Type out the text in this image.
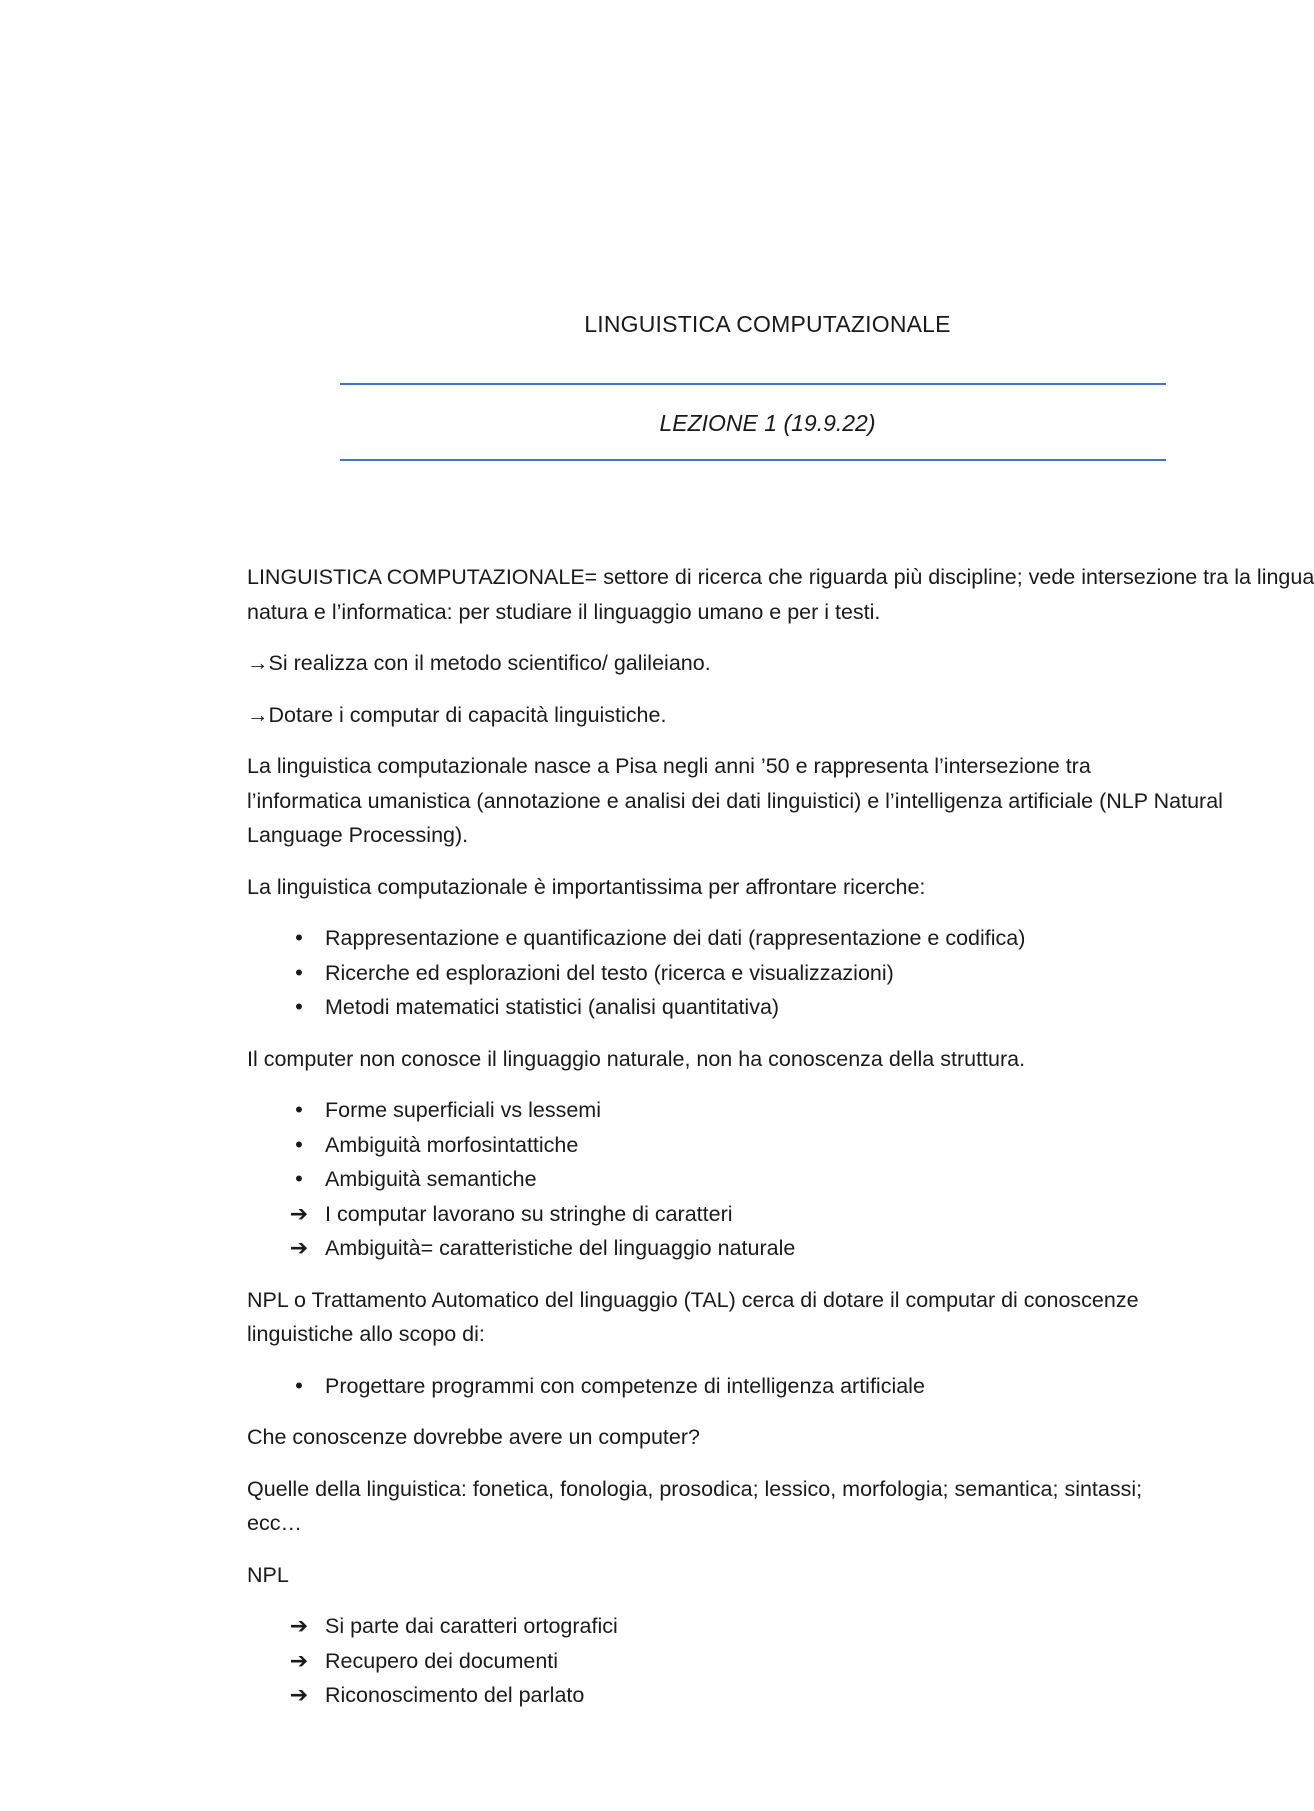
LINGUISTICA COMPUTAZIONALE
LEZIONE 1 (19.9.22)

LINGUISTICA COMPUTAZIONALE= settore di ricerca che riguarda più discipline; vede intersezione tra la lingua
natura e l’informatica: per studiare il linguaggio umano e per i testi.

→Si realizza con il metodo scientifico/ galileiano.

→Dotare i computar di capacità linguistiche.

La linguistica computazionale nasce a Pisa negli anni ’50 e rappresenta l’intersezione tra
l’informatica umanistica (annotazione e analisi dei dati linguistici) e l’intelligenza artificiale (NLP Natural
Language Processing).

La linguistica computazionale è importantissima per affrontare ricerche:

•	Rappresentazione e quantificazione dei dati (rappresentazione e codifica)
•	Ricerche ed esplorazioni del testo (ricerca e visualizzazioni)
•	Metodi matematici statistici (analisi quantitativa)

Il computer non conosce il linguaggio naturale, non ha conoscenza della struttura.

•	Forme superficiali vs lessemi
•	Ambiguità morfosintattiche
•	Ambiguità semantiche
➔ I computar lavorano su stringhe di caratteri
➔ Ambiguità= caratteristiche del linguaggio naturale

NPL o Trattamento Automatico del linguaggio (TAL) cerca di dotare il computar di conoscenze
linguistiche allo scopo di:

•	Progettare programmi con competenze di intelligenza artificiale

Che conoscenze dovrebbe avere un computer?

Quelle della linguistica: fonetica, fonologia, prosodica; lessico, morfologia; semantica; sintassi;
ecc…

NPL

➔ Si parte dai caratteri ortografici
➔ Recupero dei documenti
➔ Riconoscimento del parlato
